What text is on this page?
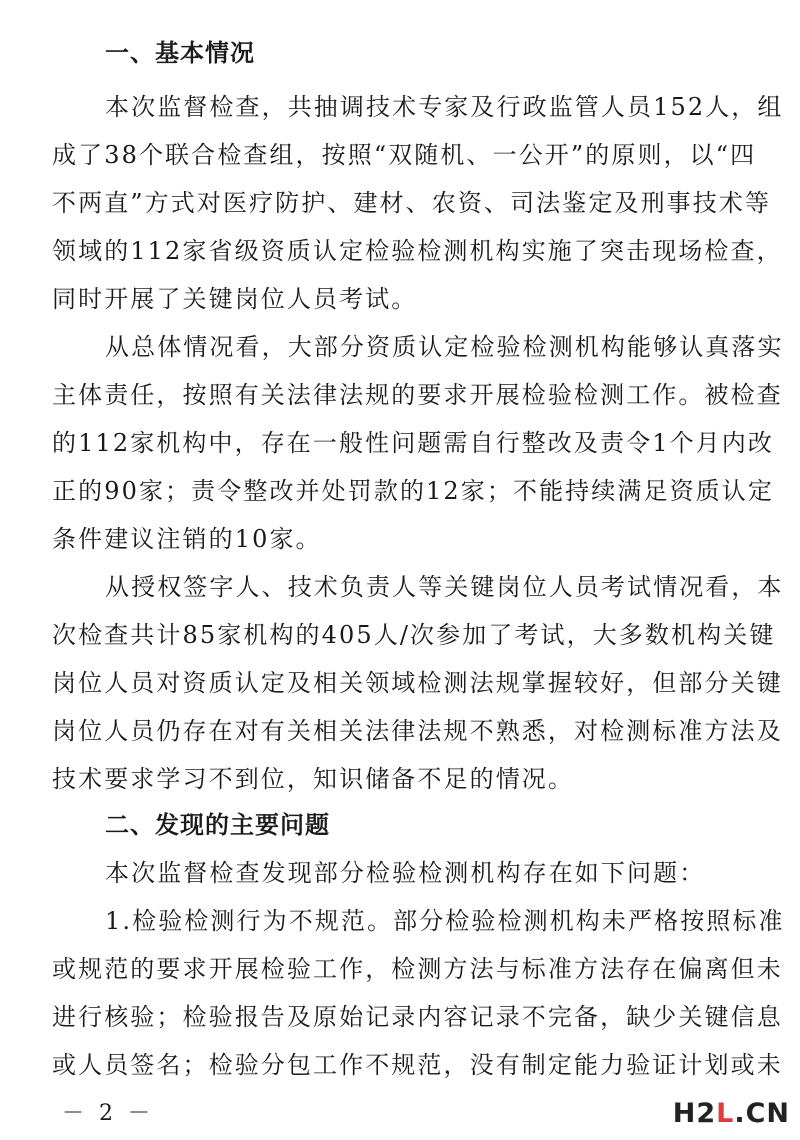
一、基本情况
本次监督检查，共抽调技术专家及行政监管人员152人，组
成了38个联合检查组，按照“双随机、一公开”的原则，以“四
不两直”方式对医疗防护、建材、农资、司法鉴定及刑事技术等
领域的112家省级资质认定检验检测机构实施了突击现场检查，
同时开展了关键岗位人员考试。
从总体情况看，大部分资质认定检验检测机构能够认真落实
主体责任，按照有关法律法规的要求开展检验检测工作。被检查
的112家机构中，存在一般性问题需自行整改及责令1个月内改
正的90家；责令整改并处罚款的12家；不能持续满足资质认定
条件建议注销的10家。
从授权签字人、技术负责人等关键岗位人员考试情况看，本
次检查共计85家机构的405人/次参加了考试，大多数机构关键
岗位人员对资质认定及相关领域检测法规掌握较好，但部分关键
岗位人员仍存在对有关相关法律法规不熟悉，对检测标准方法及
技术要求学习不到位，知识储备不足的情况。
二、发现的主要问题
本次监督检查发现部分检验检测机构存在如下问题：
1.检验检测行为不规范。部分检验检测机构未严格按照标准
或规范的要求开展检验工作，检测方法与标准方法存在偏离但未
进行核验；检验报告及原始记录内容记录不完备，缺少关键信息
或人员签名；检验分包工作不规范，没有制定能力验证计划或未
－ 2 －	H2L.CN
